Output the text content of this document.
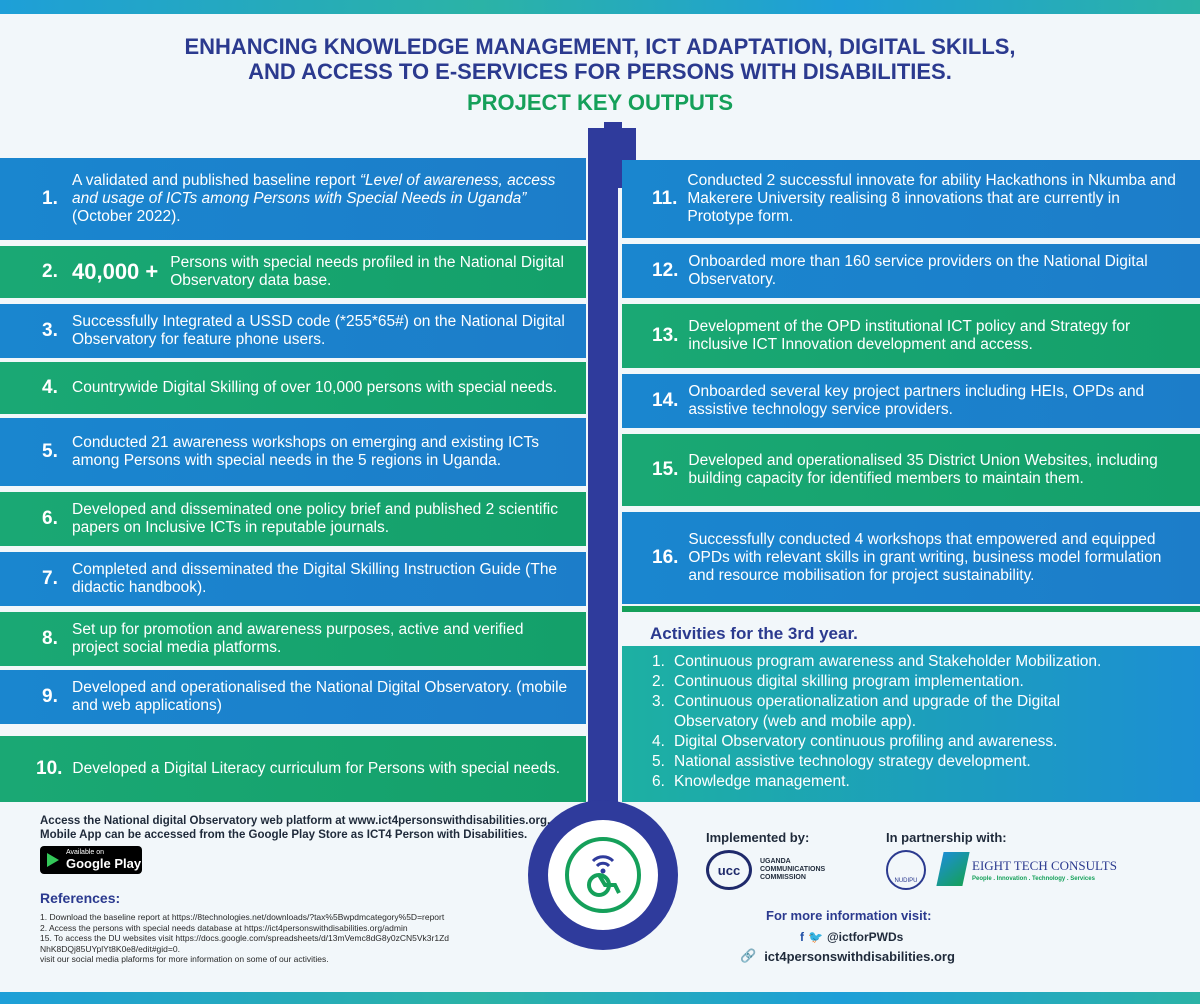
ENHANCING KNOWLEDGE MANAGEMENT, ICT ADAPTATION, DIGITAL SKILLS,
AND ACCESS TO E-SERVICES FOR PERSONS WITH DISABILITIES.
PROJECT KEY OUTPUTS
1.
A validated and published baseline report “Level of awareness, access and usage of ICTs among Persons with Special Needs in Uganda” (October 2022).
2. 40,000 + Persons with special needs profiled in the National Digital Observatory data base.
3. Successfully Integrated a USSD code (*255*65#) on the National Digital Observatory for feature phone users.
4. Countrywide Digital Skilling of over 10,000 persons with special needs.
5. Conducted 21 awareness workshops on emerging and existing ICTs among Persons with special needs in the 5 regions in Uganda.
6. Developed and disseminated one policy brief and published 2 scientific papers on Inclusive ICTs in reputable journals.
7. Completed and disseminated the Digital Skilling Instruction Guide (The didactic handbook).
8. Set up for promotion and awareness purposes, active and verified project social media platforms.
9. Developed and operationalised the National Digital Observatory. (mobile and web applications)
10. Developed a Digital Literacy curriculum for Persons with special needs.
11.
Conducted 2 successful innovate for ability Hackathons in Nkumba and Makerere University realising 8 innovations that are currently in Prototype form.
12. Onboarded more than 160 service providers on the National Digital Observatory.
13. Development of the OPD institutional ICT policy and Strategy for inclusive ICT Innovation development and access.
14. Onboarded several key project partners including HEIs, OPDs and assistive technology service providers.
15. Developed and operationalised 35 District Union Websites, including building capacity for identified members to maintain them.
16.
Successfully conducted 4 workshops that empowered and equipped OPDs with relevant skills in grant writing, business model formulation and resource mobilisation for project sustainability.
Activities for the 3rd year.
1. Continuous program awareness and Stakeholder Mobilization.
2. Continuous digital skilling program implementation.
3. Continuous operationalization and upgrade of the Digital Observatory (web and mobile app).
4. Digital Observatory continuous profiling and awareness.
5. National assistive technology strategy development.
6. Knowledge management.
Access the National digital Observatory web platform at www.ict4personswithdisabilities.org.
Mobile App can be accessed from the Google Play Store as ICT4 Person with Disabilities.
Available on
Google Play
References:
1. Download the baseline report at https://8technologies.net/downloads/?tax%5Bwpdmcategory%5D=report
2. Access the persons with special needs database at https://ict4personswithdisabilities.org/admin
15. To access the DU websites visit https://docs.google.com/spreadsheets/d/13mVemc8dG8y0zCN5Vk3r1Zd
NhK8DQj85UYplYt8K0e8/edit#gid=0.
visit our social media plaforms for more information on some of our activities.
Implemented by:
ucc
UGANDA COMMUNICATIONS COMMISSION
In partnership with:
NUDIPU
EIGHT TECH CONSULTS
People . Innovation . Technology . Services
For more information visit:
f 🐦 @ictforPWDs
🔗 ict4personswithdisabilities.org
